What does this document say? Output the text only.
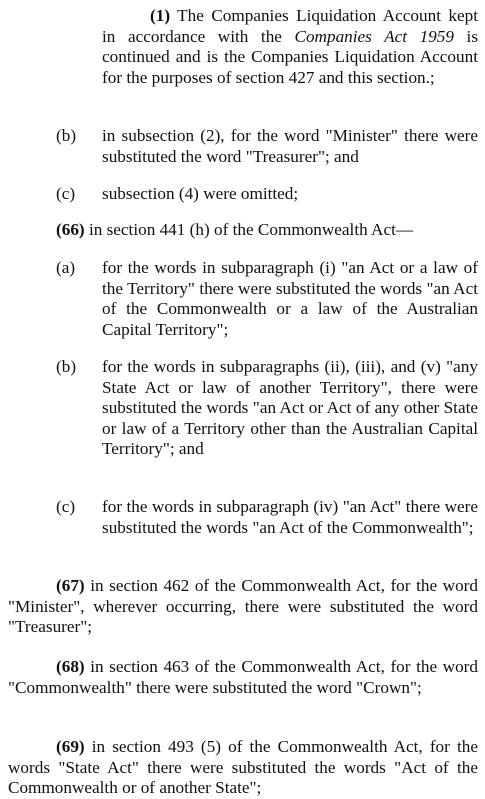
(1) The Companies Liquidation Account kept in accordance with the Companies Act 1959 is continued and is the Companies Liquidation Account for the purposes of section 427 and this section.;
(b) in subsection (2), for the word "Minister" there were substituted the word "Treasurer"; and
(c) subsection (4) were omitted;
(66) in section 441 (h) of the Commonwealth Act—
(a) for the words in subparagraph (i) "an Act or a law of the Territory" there were substituted the words "an Act of the Commonwealth or a law of the Australian Capital Territory";
(b) for the words in subparagraphs (ii), (iii), and (v) "any State Act or law of another Territory", there were substituted the words "an Act or Act of any other State or law of a Territory other than the Australian Capital Territory"; and
(c) for the words in subparagraph (iv) "an Act" there were substituted the words "an Act of the Commonwealth";
(67) in section 462 of the Commonwealth Act, for the word "Minister", wherever occurring, there were substituted the word "Treasurer";
(68) in section 463 of the Commonwealth Act, for the word "Commonwealth" there were substituted the word "Crown";
(69) in section 493 (5) of the Commonwealth Act, for the words "State Act" there were substituted the words "Act of the Commonwealth or of another State";
